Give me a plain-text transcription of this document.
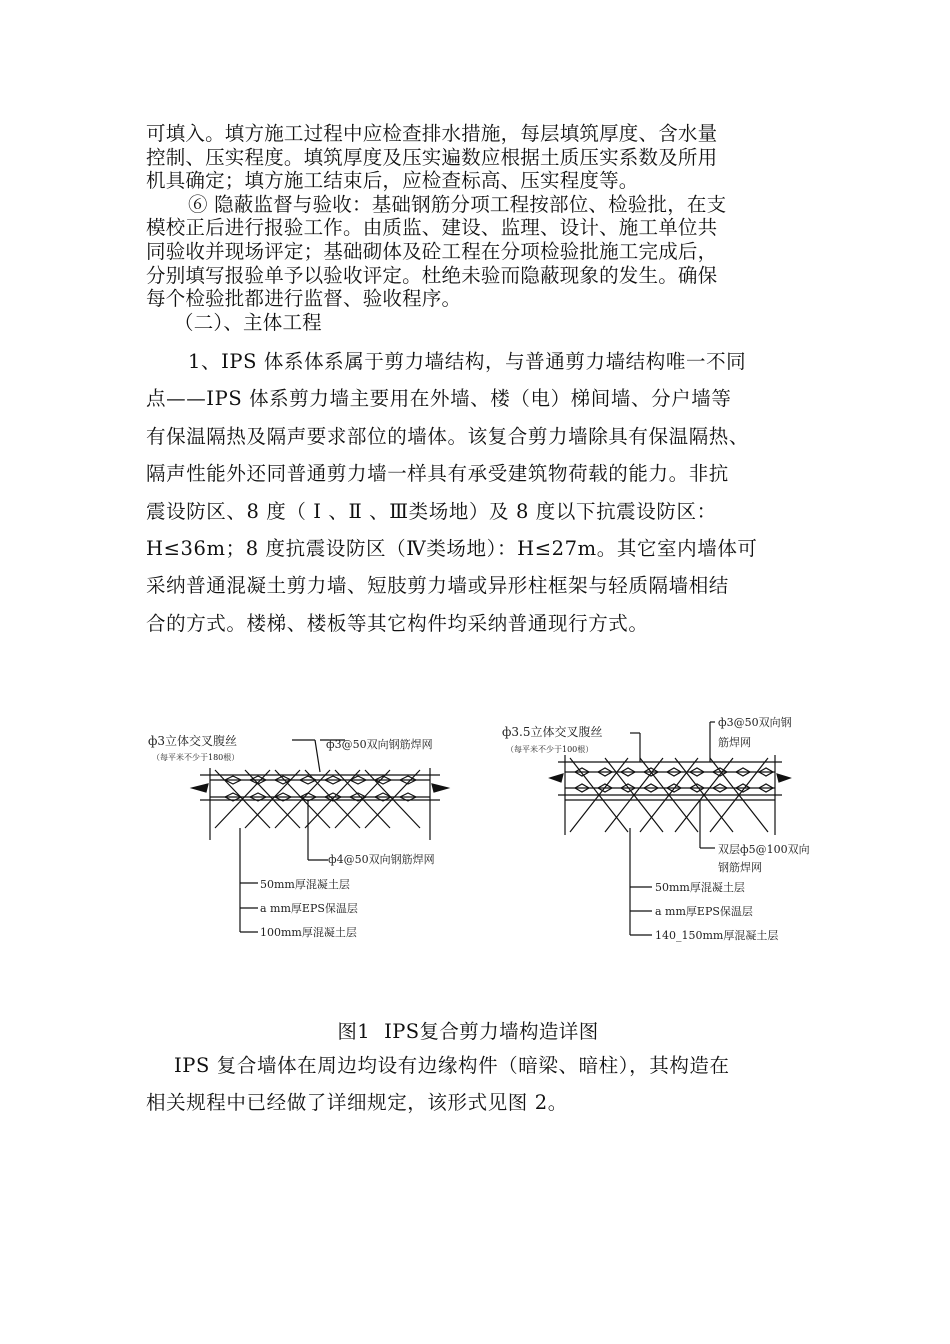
可填入。填方施工过程中应检查排水措施，每层填筑厚度、含水量

控制、压实程度。填筑厚度及压实遍数应根据土质压实系数及所用

机具确定；填方施工结束后，应检查标高、压实程度等。

⑥ 隐蔽监督与验收：基础钢筋分项工程按部位、检验批，在支

模校正后进行报验工作。由质监、建设、监理、设计、施工单位共

同验收并现场评定；基础砌体及砼工程在分项检验批施工完成后，

分别填写报验单予以验收评定。杜绝未验而隐蔽现象的发生。确保

每个检验批都进行监督、验收程序。

（二）、主体工程

1、IPS 体系体系属于剪力墙结构，与普通剪力墙结构唯一不同

点——IPS 体系剪力墙主要用在外墙、楼（电）梯间墙、分户墙等

有保温隔热及隔声要求部位的墙体。该复合剪力墙除具有保温隔热、

隔声性能外还同普通剪力墙一样具有承受建筑物荷载的能力。非抗

震设防区、8 度（ Ⅰ 、Ⅱ 、Ⅲ类场地）及 8 度以下抗震设防区：

H≤36m；8 度抗震设防区（Ⅳ类场地）：H≤27m。其它室内墙体可

采纳普通混凝土剪力墙、短肢剪力墙或异形柱框架与轻质隔墙相结

合的方式。楼梯、楼板等其它构件均采纳普通现行方式。

ф3立体交叉腹丝
（每平米不少于180根）
ф3@50双向钢筋焊网
ф4@50双向钢筋焊网
50mm厚混凝土层
a mm厚EPS保温层
100mm厚混凝土层
ф3.5立体交叉腹丝
（每平米不少于100根）
ф3@50双向钢
筋焊网
双层ф5@100双向
钢筋焊网
50mm厚混凝土层
a mm厚EPS保温层
140_150mm厚混凝土层
图1 IPS复合剪力墙构造详图

IPS 复合墙体在周边均设有边缘构件（暗梁、暗柱），其构造在

相关规程中已经做了详细规定，该形式见图 2。
